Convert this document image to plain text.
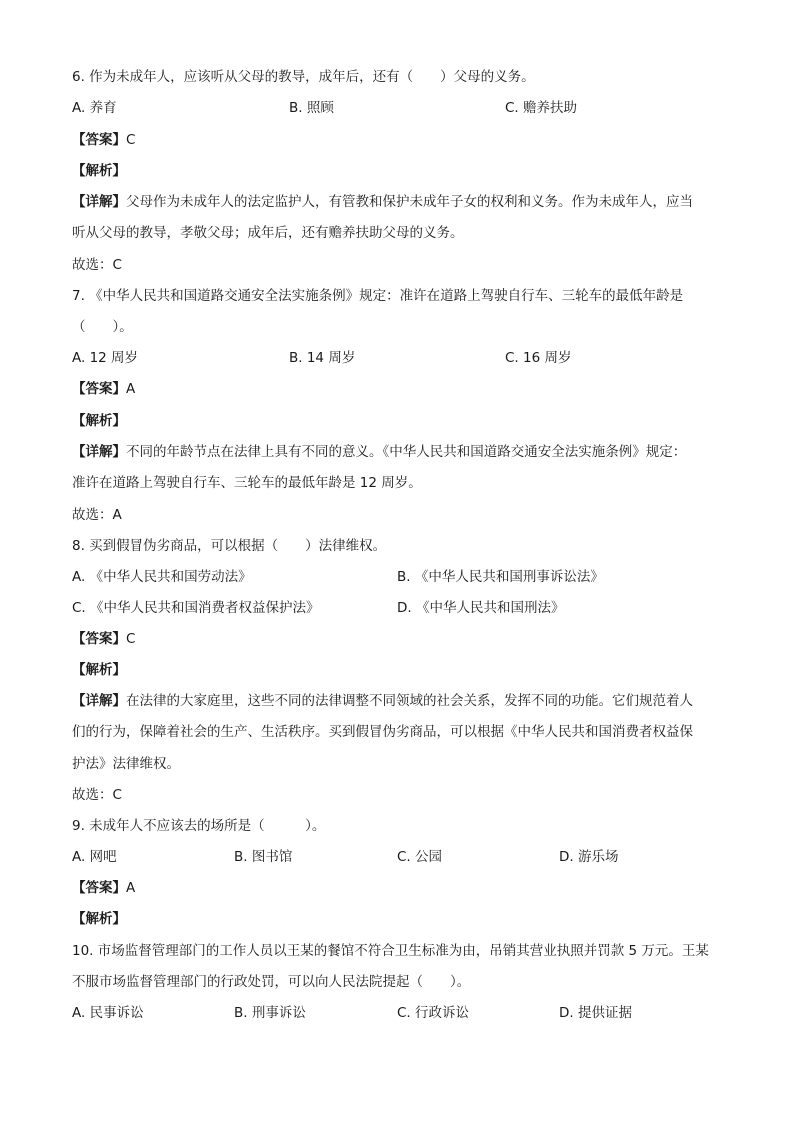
6. 作为未成年人，应该听从父母的教导，成年后，还有（　　）父母的义务。
A. 养育	B. 照顾	C. 赡养扶助
【答案】C
【解析】
【详解】父母作为未成年人的法定监护人，有管教和保护未成年子女的权利和义务。作为未成年人，应当
听从父母的教导，孝敬父母；成年后，还有赡养扶助父母的义务。
故选：C
7. 《中华人民共和国道路交通安全法实施条例》规定：准许在道路上驾驶自行车、三轮车的最低年龄是
（　　）。
A. 12 周岁	B. 14 周岁	C. 16 周岁
【答案】A
【解析】
【详解】不同的年龄节点在法律上具有不同的意义。《中华人民共和国道路交通安全法实施条例》规定：
准许在道路上驾驶自行车、三轮车的最低年龄是 12 周岁。
故选：A
8. 买到假冒伪劣商品，可以根据（　　）法律维权。
A. 《中华人民共和国劳动法》	B. 《中华人民共和国刑事诉讼法》
C. 《中华人民共和国消费者权益保护法》	D. 《中华人民共和国刑法》
【答案】C
【解析】
【详解】在法律的大家庭里，这些不同的法律调整不同领域的社会关系，发挥不同的功能。它们规范着人
们的行为，保障着社会的生产、生活秩序。买到假冒伪劣商品，可以根据《中华人民共和国消费者权益保
护法》法律维权。
故选：C
9. 未成年人不应该去的场所是（　　　）。
A. 网吧	B. 图书馆	C. 公园	D. 游乐场
【答案】A
【解析】
10. 市场监督管理部门的工作人员以王某的餐馆不符合卫生标准为由，吊销其营业执照并罚款 5 万元。王某
不服市场监督管理部门的行政处罚，可以向人民法院提起（　　）。
A. 民事诉讼	B. 刑事诉讼	C. 行政诉讼	D. 提供证据
